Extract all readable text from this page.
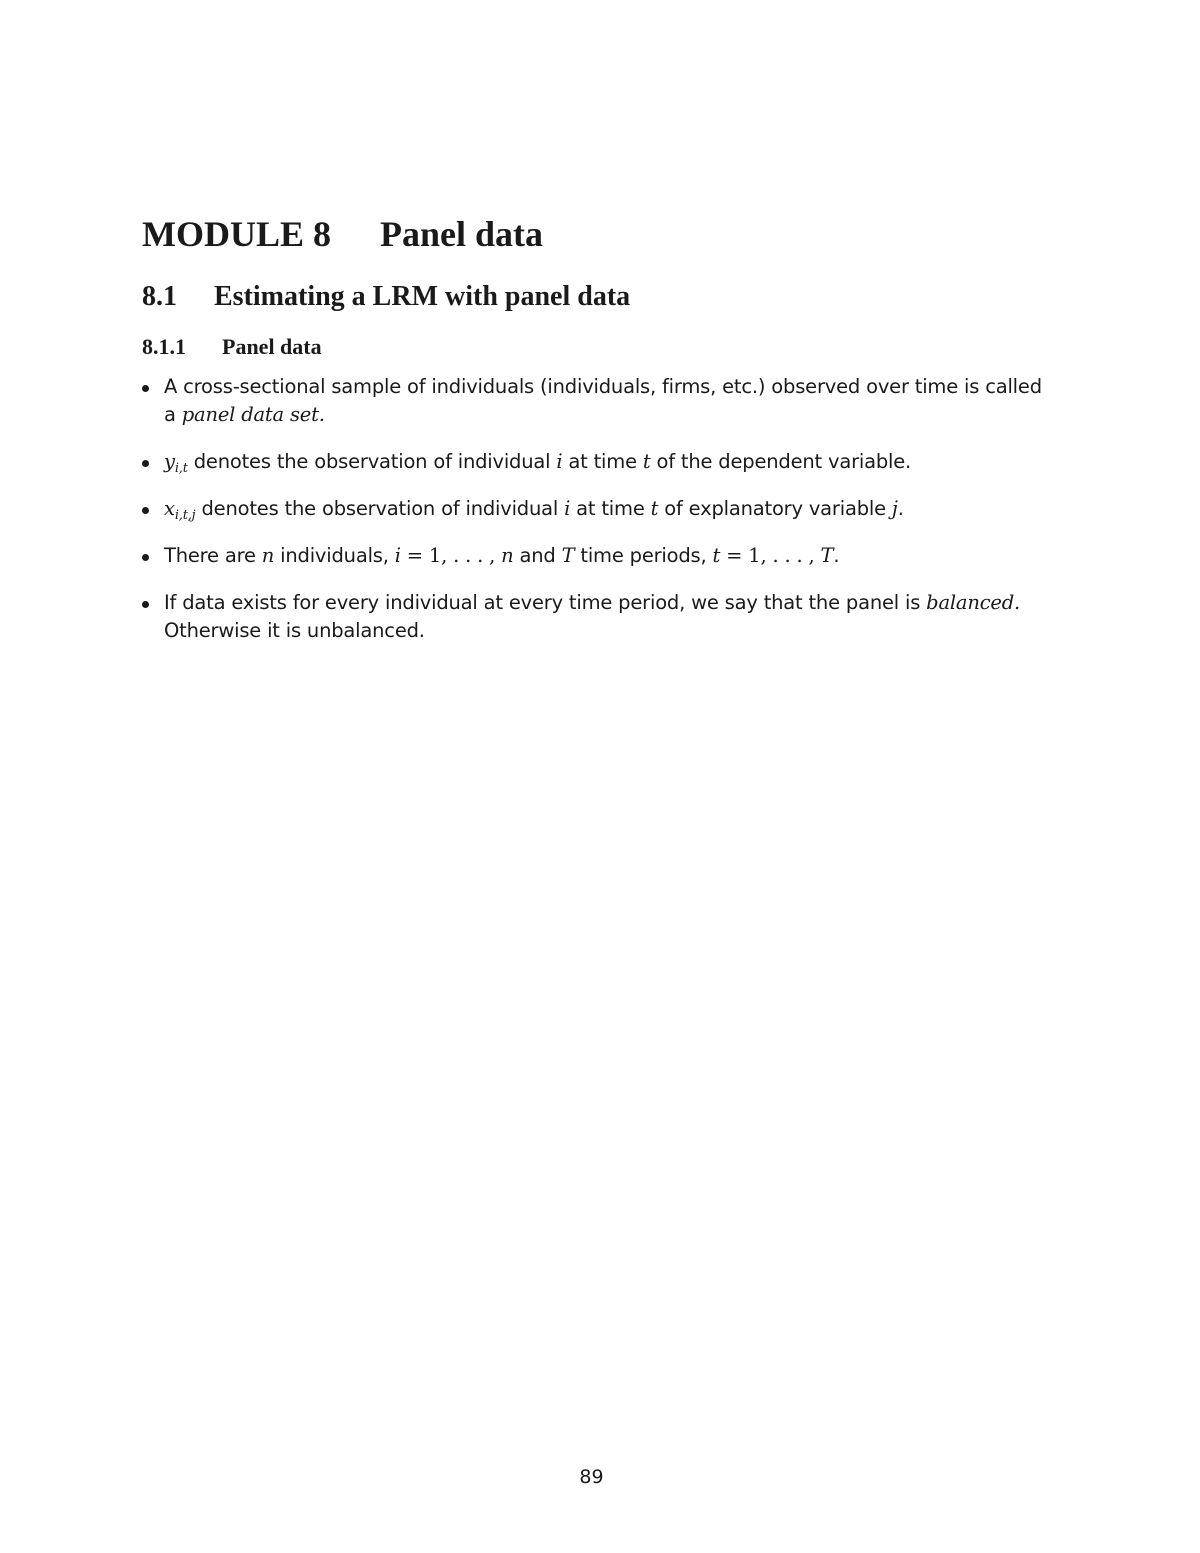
MODULE 8 Panel data
8.1 Estimating a LRM with panel data
8.1.1 Panel data
A cross-sectional sample of individuals (individuals, firms, etc.) observed over time is called a panel data set.
$y_{i,t}$ denotes the observation of individual i at time t of the dependent variable.
$x_{i,t,j}$ denotes the observation of individual i at time t of explanatory variable j.
There are n individuals, i = 1, . . . , n and T time periods, t = 1, . . . , T.
If data exists for every individual at every time period, we say that the panel is balanced. Otherwise it is unbalanced.
89
